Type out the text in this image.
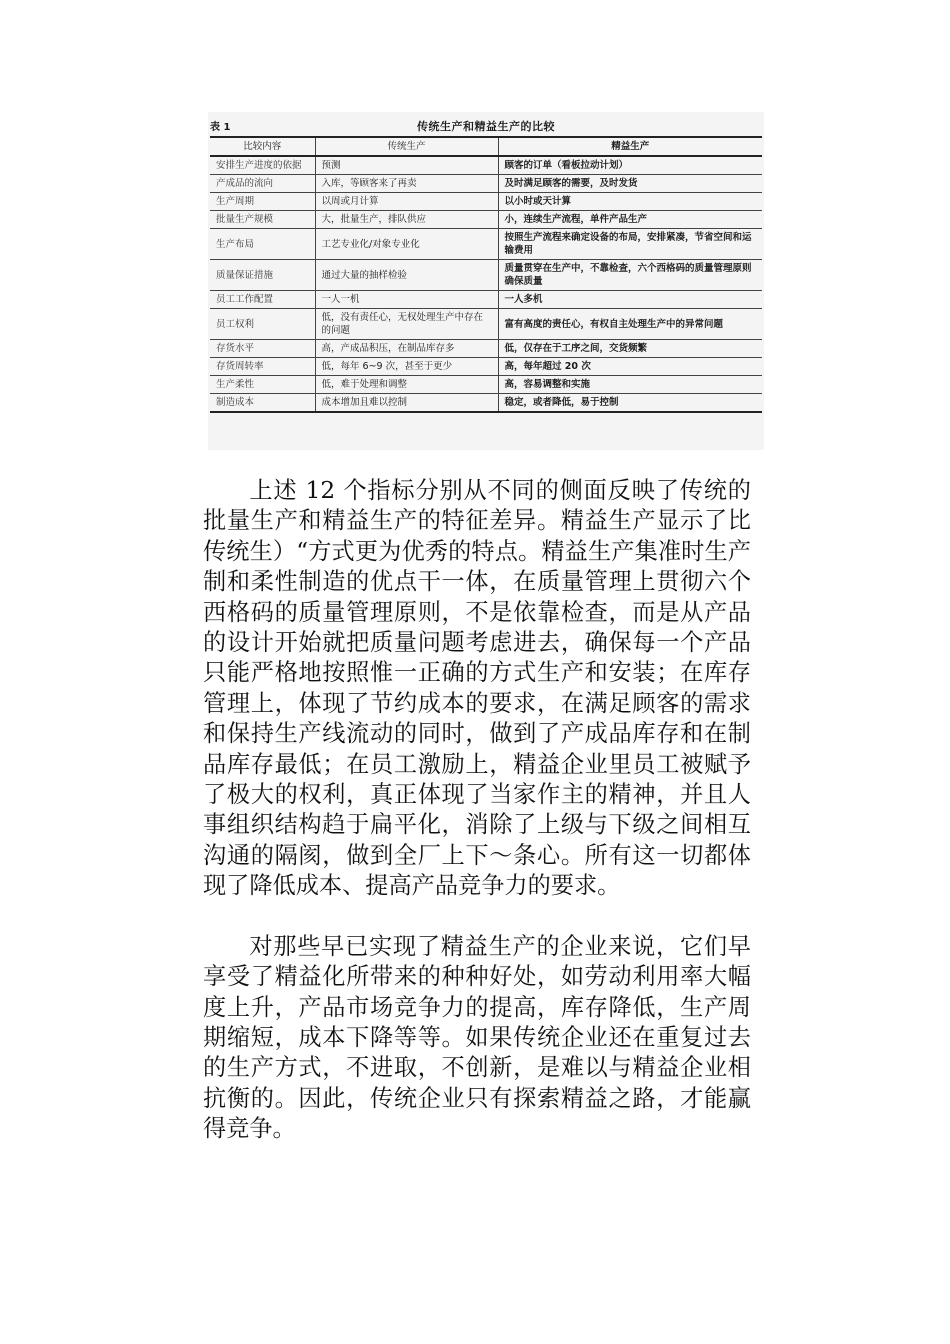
表 1	传统生产和精益生产的比较
比较内容	传统生产	精益生产
安排生产进度的依据	预测	顾客的订单（看板拉动计划）
产成品的流向	入库，等顾客来了再卖	及时满足顾客的需要，及时发货
生产周期	以周或月计算	以小时或天计算
批量生产规模	大，批量生产，排队供应	小，连续生产流程，单件产品生产
生产布局	工艺专业化/对象专业化	按照生产流程来确定设备的布局，安排紧凑，节省空间和运输费用
质量保证措施	通过大量的抽样检验	质量贯穿在生产中，不靠检查，六个西格码的质量管理原则确保质量
员工工作配置	一人一机	一人多机
员工权利	低，没有责任心，无权处理生产中存在的问题	富有高度的责任心，有权自主处理生产中的异常问题
存货水平	高，产成品积压，在制品库存多	低，仅存在于工序之间，交货频繁
存货周转率	低，每年 6~9 次，甚至于更少	高，每年超过 20 次
生产柔性	低，难于处理和调整	高，容易调整和实施
制造成本	成本增加且难以控制	稳定，或者降低，易于控制

上述 12 个指标分别从不同的侧面反映了传统的批量生产和精益生产的特征差异。精益生产显示了比传统生）“方式更为优秀的特点。精益生产集准时生产制和柔性制造的优点干一体，在质量管理上贯彻六个西格码的质量管理原则，不是依靠检查，而是从产品的设计开始就把质量问题考虑进去，确保每一个产品只能严格地按照惟一正确的方式生产和安装；在库存管理上，体现了节约成本的要求，在满足顾客的需求和保持生产线流动的同时，做到了产成品库存和在制品库存最低；在员工激励上，精益企业里员工被赋予了极大的权利，真正体现了当家作主的精神，并且人事组织结构趋于扁平化，消除了上级与下级之间相互沟通的隔阂，做到全厂上下～条心。所有这一切都体现了降低成本、提高产品竞争力的要求。

对那些早已实现了精益生产的企业来说，它们早享受了精益化所带来的种种好处，如劳动利用率大幅度上升，产品市场竞争力的提高，库存降低，生产周期缩短，成本下降等等。如果传统企业还在重复过去的生产方式，不进取，不创新，是难以与精益企业相抗衡的。因此，传统企业只有探索精益之路，才能赢得竞争。
